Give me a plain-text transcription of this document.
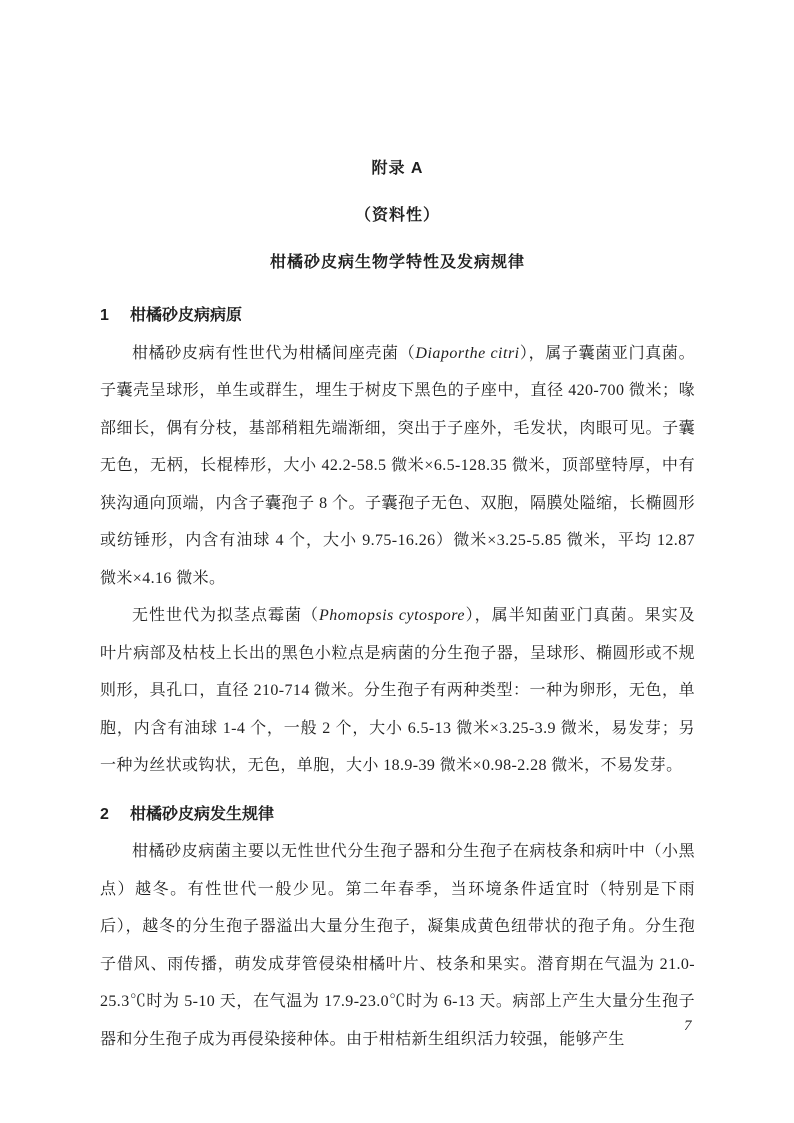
附录 A

（资料性）

柑橘砂皮病生物学特性及发病规律

1 柑橘砂皮病病原

柑橘砂皮病有性世代为柑橘间座壳菌（Diaporthe citri），属子囊菌亚门真菌。子囊壳呈球形，单生或群生，埋生于树皮下黑色的子座中，直径 420-700 微米；喙部细长，偶有分枝，基部稍粗先端渐细，突出于子座外，毛发状，肉眼可见。子囊无色，无柄，长棍棒形，大小 42.2-58.5 微米×6.5-128.35 微米，顶部壁特厚，中有狭沟通向顶端，内含子囊孢子 8 个。子囊孢子无色、双胞，隔膜处隘缩，长椭圆形或纺锤形，内含有油球 4 个，大小 9.75-16.26）微米×3.25-5.85 微米，平均 12.87 微米×4.16 微米。

无性世代为拟茎点霉菌（Phomopsis cytospore），属半知菌亚门真菌。果实及叶片病部及枯枝上长出的黑色小粒点是病菌的分生孢子器，呈球形、椭圆形或不规则形，具孔口，直径 210-714 微米。分生孢子有两种类型：一种为卵形，无色，单胞，内含有油球 1-4 个，一般 2 个，大小 6.5-13 微米×3.25-3.9 微米，易发芽；另一种为丝状或钩状，无色，单胞，大小 18.9-39 微米×0.98-2.28 微米，不易发芽。

2 柑橘砂皮病发生规律

柑橘砂皮病菌主要以无性世代分生孢子器和分生孢子在病枝条和病叶中（小黑点）越冬。有性世代一般少见。第二年春季，当环境条件适宜时（特别是下雨后），越冬的分生孢子器溢出大量分生孢子，凝集成黄色纽带状的孢子角。分生孢子借风、雨传播，萌发成芽管侵染柑橘叶片、枝条和果实。潜育期在气温为 21.0-25.3℃时为 5-10 天，在气温为 17.9-23.0℃时为 6-13 天。病部上产生大量分生孢子器和分生孢子成为再侵染接种体。由于柑桔新生组织活力较强，能够产生

7
